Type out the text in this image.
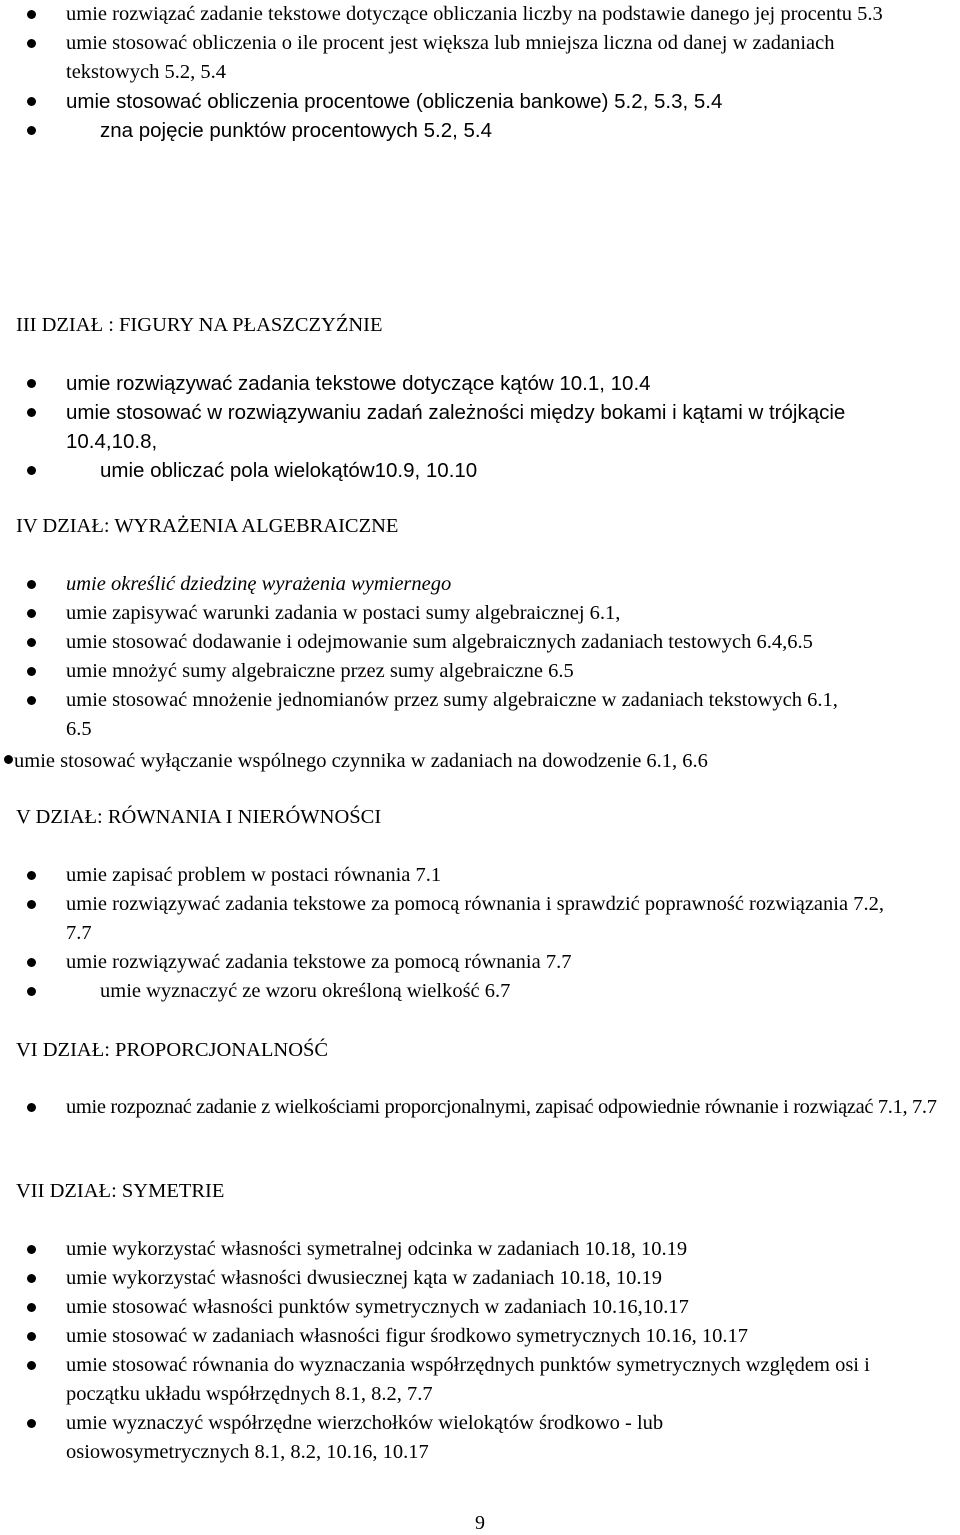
umie rozwiązać zadanie tekstowe dotyczące obliczania liczby na podstawie danego jej procentu 5.3
umie stosować obliczenia o ile procent jest większa lub mniejsza liczna od danej w zadaniach tekstowych 5.2, 5.4
umie stosować obliczenia procentowe (obliczenia bankowe) 5.2, 5.3, 5.4
zna pojęcie punktów procentowych 5.2, 5.4
III DZIAŁ : FIGURY NA PŁASZCZYŹNIE
umie rozwiązywać zadania tekstowe dotyczące kątów 10.1, 10.4
umie stosować w rozwiązywaniu zadań zależności między bokami i kątami w trójkącie 10.4,10.8,
umie obliczać pola wielokątów10.9, 10.10
IV DZIAŁ: WYRAŻENIA ALGEBRAICZNE
umie określić dziedzinę wyrażenia wymiernego
umie zapisywać warunki zadania w postaci sumy algebraicznej 6.1,
umie stosować dodawanie i odejmowanie sum algebraicznych zadaniach testowych 6.4,6.5
umie mnożyć sumy algebraiczne przez sumy algebraiczne 6.5
umie stosować mnożenie jednomianów przez sumy algebraiczne w zadaniach tekstowych 6.1, 6.5
umie stosować wyłączanie wspólnego czynnika w zadaniach na dowodzenie 6.1, 6.6
V DZIAŁ: RÓWNANIA I NIERÓWNOŚCI
umie zapisać problem w postaci równania 7.1
umie rozwiązywać zadania tekstowe za pomocą równania i sprawdzić poprawność rozwiązania 7.2, 7.7
umie rozwiązywać zadania tekstowe za pomocą równania 7.7
umie wyznaczyć ze wzoru określoną wielkość 6.7
VI DZIAŁ: PROPORCJONALNOŚĆ
umie rozpoznać zadanie z wielkościami proporcjonalnymi, zapisać odpowiednie równanie i rozwiązać 7.1, 7.7
VII DZIAŁ: SYMETRIE
umie wykorzystać własności symetralnej odcinka w zadaniach 10.18, 10.19
umie wykorzystać własności dwusiecznej kąta w zadaniach 10.18, 10.19
umie stosować własności punktów symetrycznych w zadaniach 10.16,10.17
umie stosować w zadaniach własności figur środkowo symetrycznych 10.16, 10.17
umie stosować równania do wyznaczania współrzędnych punktów symetrycznych względem osi i początku układu współrzędnych 8.1, 8.2, 7.7
umie wyznaczyć współrzędne wierzchołków wielokątów środkowo - lub osiowosymetrycznych 8.1, 8.2, 10.16, 10.17
9
